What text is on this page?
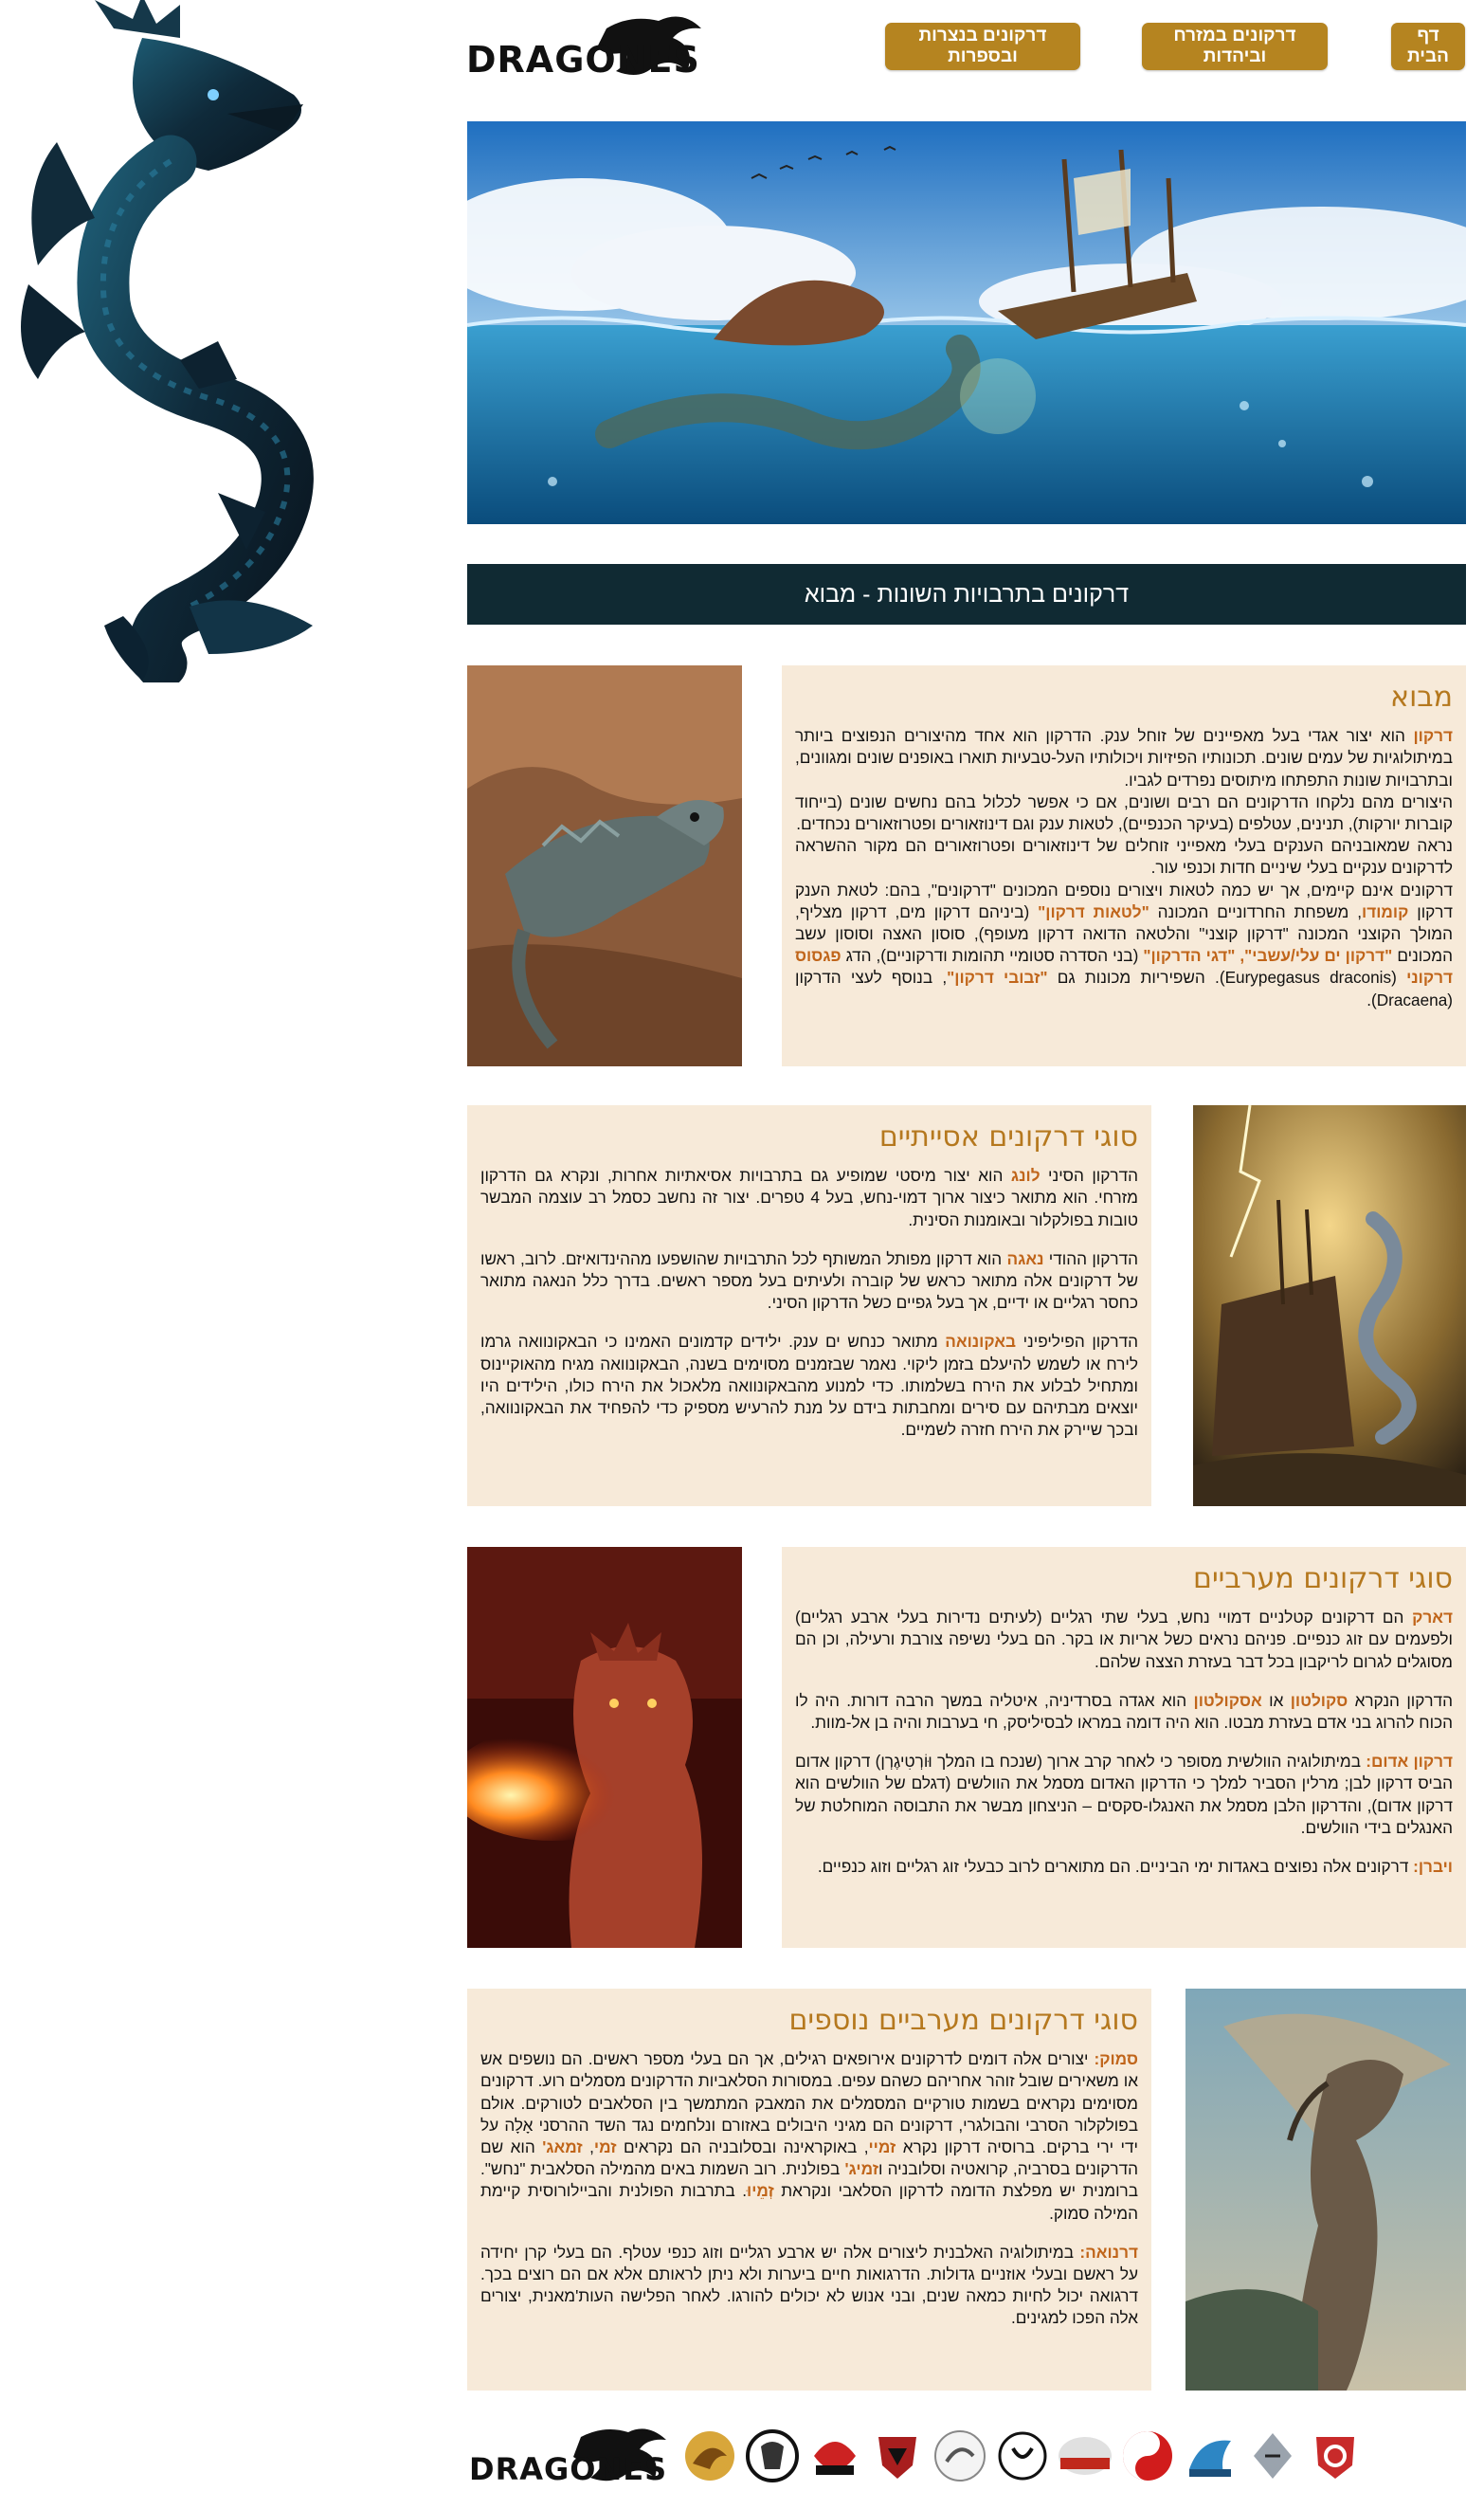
DRAGONES
דף הבית
דרקונים במזרח וביהדות
דרקונים בנצרות ובספרות
דרקונים בתרבויות השונות - מבוא
מבוא

דרקון הוא יצור אגדי בעל מאפיינים של זוחל ענק. הדרקון הוא אחד מהיצורים הנפוצים ביותר במיתולוגיות של עמים שונים. תכונותיו הפיזיות ויכולותיו העל-טבעיות תוארו באופנים שונים ומגוונים, ובתרבויות שונות התפתחו מיתוסים נפרדים לגביו.

היצורים מהם נלקחו הדרקונים הם רבים ושונים, אם כי אפשר לכלול בהם נחשים שונים (בייחוד קוברות יורקות), תנינים, עטלפים (בעיקר הכנפיים), לטאות ענק וגם דינוזאורים ופטרוזאורים נכחדים.

נראה שמאובניהם הענקים בעלי מאפייני זוחלים של דינוזאורים ופטרוזאורים הם מקור ההשראה לדרקונים ענקיים בעלי שיניים חדות וכנפי עור.

דרקונים אינם קיימים, אך יש כמה לטאות ויצורים נוספים המכונים "דרקונים", בהם: לטאת הענק דרקון קומודו, משפחת החרדוניים המכונה "לטאות דרקון" (ביניהם דרקון מים, דרקון מצליף, המולך הקוצני המכונה "דרקון קוצני" והלטאה הדואה דרקון מעופף), סוסון האצה וסוסון עשב המכונים "דרקון ים עלי/עשבי", "דגי הדרקון" (בני הסדרה סטומיי תהומות ודרקוניים), הדג פגסוס דרקוני (Eurypegasus draconis). השפיריות מכונות גם "זבובי דרקון", בנוסף לעצי הדרקון (Dracaena).

סוגי דרקונים אסייתיים

הדרקון הסיני לונג הוא יצור מיסטי שמופיע גם בתרבויות אסיאתיות אחרות, ונקרא גם הדרקון מזרחי. הוא מתואר כיצור ארוך דמוי-נחש, בעל 4 טפרים. יצור זה נחשב כסמל רב עוצמה המבשר טובות בפולקלור ובאומנות הסינית.

הדרקון ההודי נאגה הוא דרקון מפותל המשותף לכל התרבויות שהושפעו מההינדואיזם. לרוב, ראשו של דרקונים אלה מתואר כראש של קוברה ולעיתים בעל מספר ראשים. בדרך כלל הנאגה מתואר כחסר רגליים או ידיים, אך בעל גפיים כשל הדרקון הסיני.

הדרקון הפיליפיני באקונואה מתואר כנחש ים ענק. ילידים קדמונים האמינו כי הבאקונוואה גרמו לירח או לשמש להיעלם בזמן ליקוי. נאמר שבזמנים מסוימים בשנה, הבאקונוואה מגיח מהאוקיינוס ומתחיל לבלוע את הירח בשלמותו. כדי למנוע מהבאקונוואה מלאכול את הירח כולו, הילידים היו יוצאים מבתיהם עם סירים ומחבתות בידם על מנת להרעיש מספיק כדי להפחיד את הבאקונוואה, ובכך שיירק את הירח חזרה לשמיים.

סוגי דרקונים מערביים

דארק הם דרקונים קטלניים דמויי נחש, בעלי שתי רגליים (לעיתים נדירות בעלי ארבע רגליים) ולפעמים עם זוג כנפיים. פניהם נראים כשל אריות או בקר. הם בעלי נשיפה צורבת ורעילה, וכן הם מסוגלים לגרום לריקבון בכל דבר בעזרת הצצה שלהם.

הדרקון הנקרא סקולטון או אסקולטון הוא אגדה בסרדיניה, איטליה במשך הרבה דורות. היה לו הכוח להרוג בני אדם בעזרת מבטו. הוא היה דומה במראו לבסיליסק, חי בערבות והיה בן אל-מוות.

דרקון אדום: במיתולוגיה הוולשית מסופר כי לאחר קרב ארוך (שנכח בו המלך וּוֹרְטִיגֶרְן) דרקון אדום הביס דרקון לבן; מרלין הסביר למלך כי הדרקון האדום מסמל את הוולשים (דגלם של הוולשים הוא דרקון אדום), והדרקון הלבן מסמל את האנגלו-סקסים – הניצחון מבשר את התבוסה המוחלטת של האנגלים בידי הוולשים.

ויברן: דרקונים אלה נפוצים באגדות ימי הביניים. הם מתוארים לרוב כבעלי זוג רגליים וזוג כנפיים.

סוגי דרקונים מערביים נוספים

סמוק: יצורים אלה דומים לדרקונים אירופאים רגילים, אך הם בעלי מספר ראשים. הם נושפים אש או משאירים שובל זוהר אחריהם כשהם עפים. במסורות הסלאביות הדרקונים מסמלים רוע. דרקונים מסוימים נקראים בשמות טורקיים המסמלים את המאבק המתמשך בין הסלאבים לטורקים. אולם בפולקלור הסרבי והבולגרי, דרקונים הם מגיני היבולים באזורם ונלחמים נגד השד ההרסני אָלָה על ידי ירי ברקים. ברוסיה דרקון נקרא זמיי, באוקראינה ובסלובניה הם נקראים זמי, זמאג' הוא שם הדרקונים בסרביה, קרואטיה וסלובניה וזמיג' בפולנית. רוב השמות באים מהמילה הסלאבית "נחש". ברומנית יש מפלצת הדומה לדרקון הסלאבי ונקראת זְמֵיוּ. בתרבות הפולנית והביילורוסית קיימת המילה סמוק.

דרנואה: במיתולוגיה האלבנית ליצורים אלה יש ארבע רגליים וזוג כנפי עטלף. הם בעלי קרן יחידה על ראשם ובעלי אוזניים גדולות. הדרגואות חיים ביערות ולא ניתן לראותם אלא אם הם רוצים בכך. דרגואה יכול לחיות כמאה שנים, ובני אנוש לא יכולים להורגו. לאחר הפלישה העות'מאנית, יצורים אלה הפכו למגינים.

DRAGONES
